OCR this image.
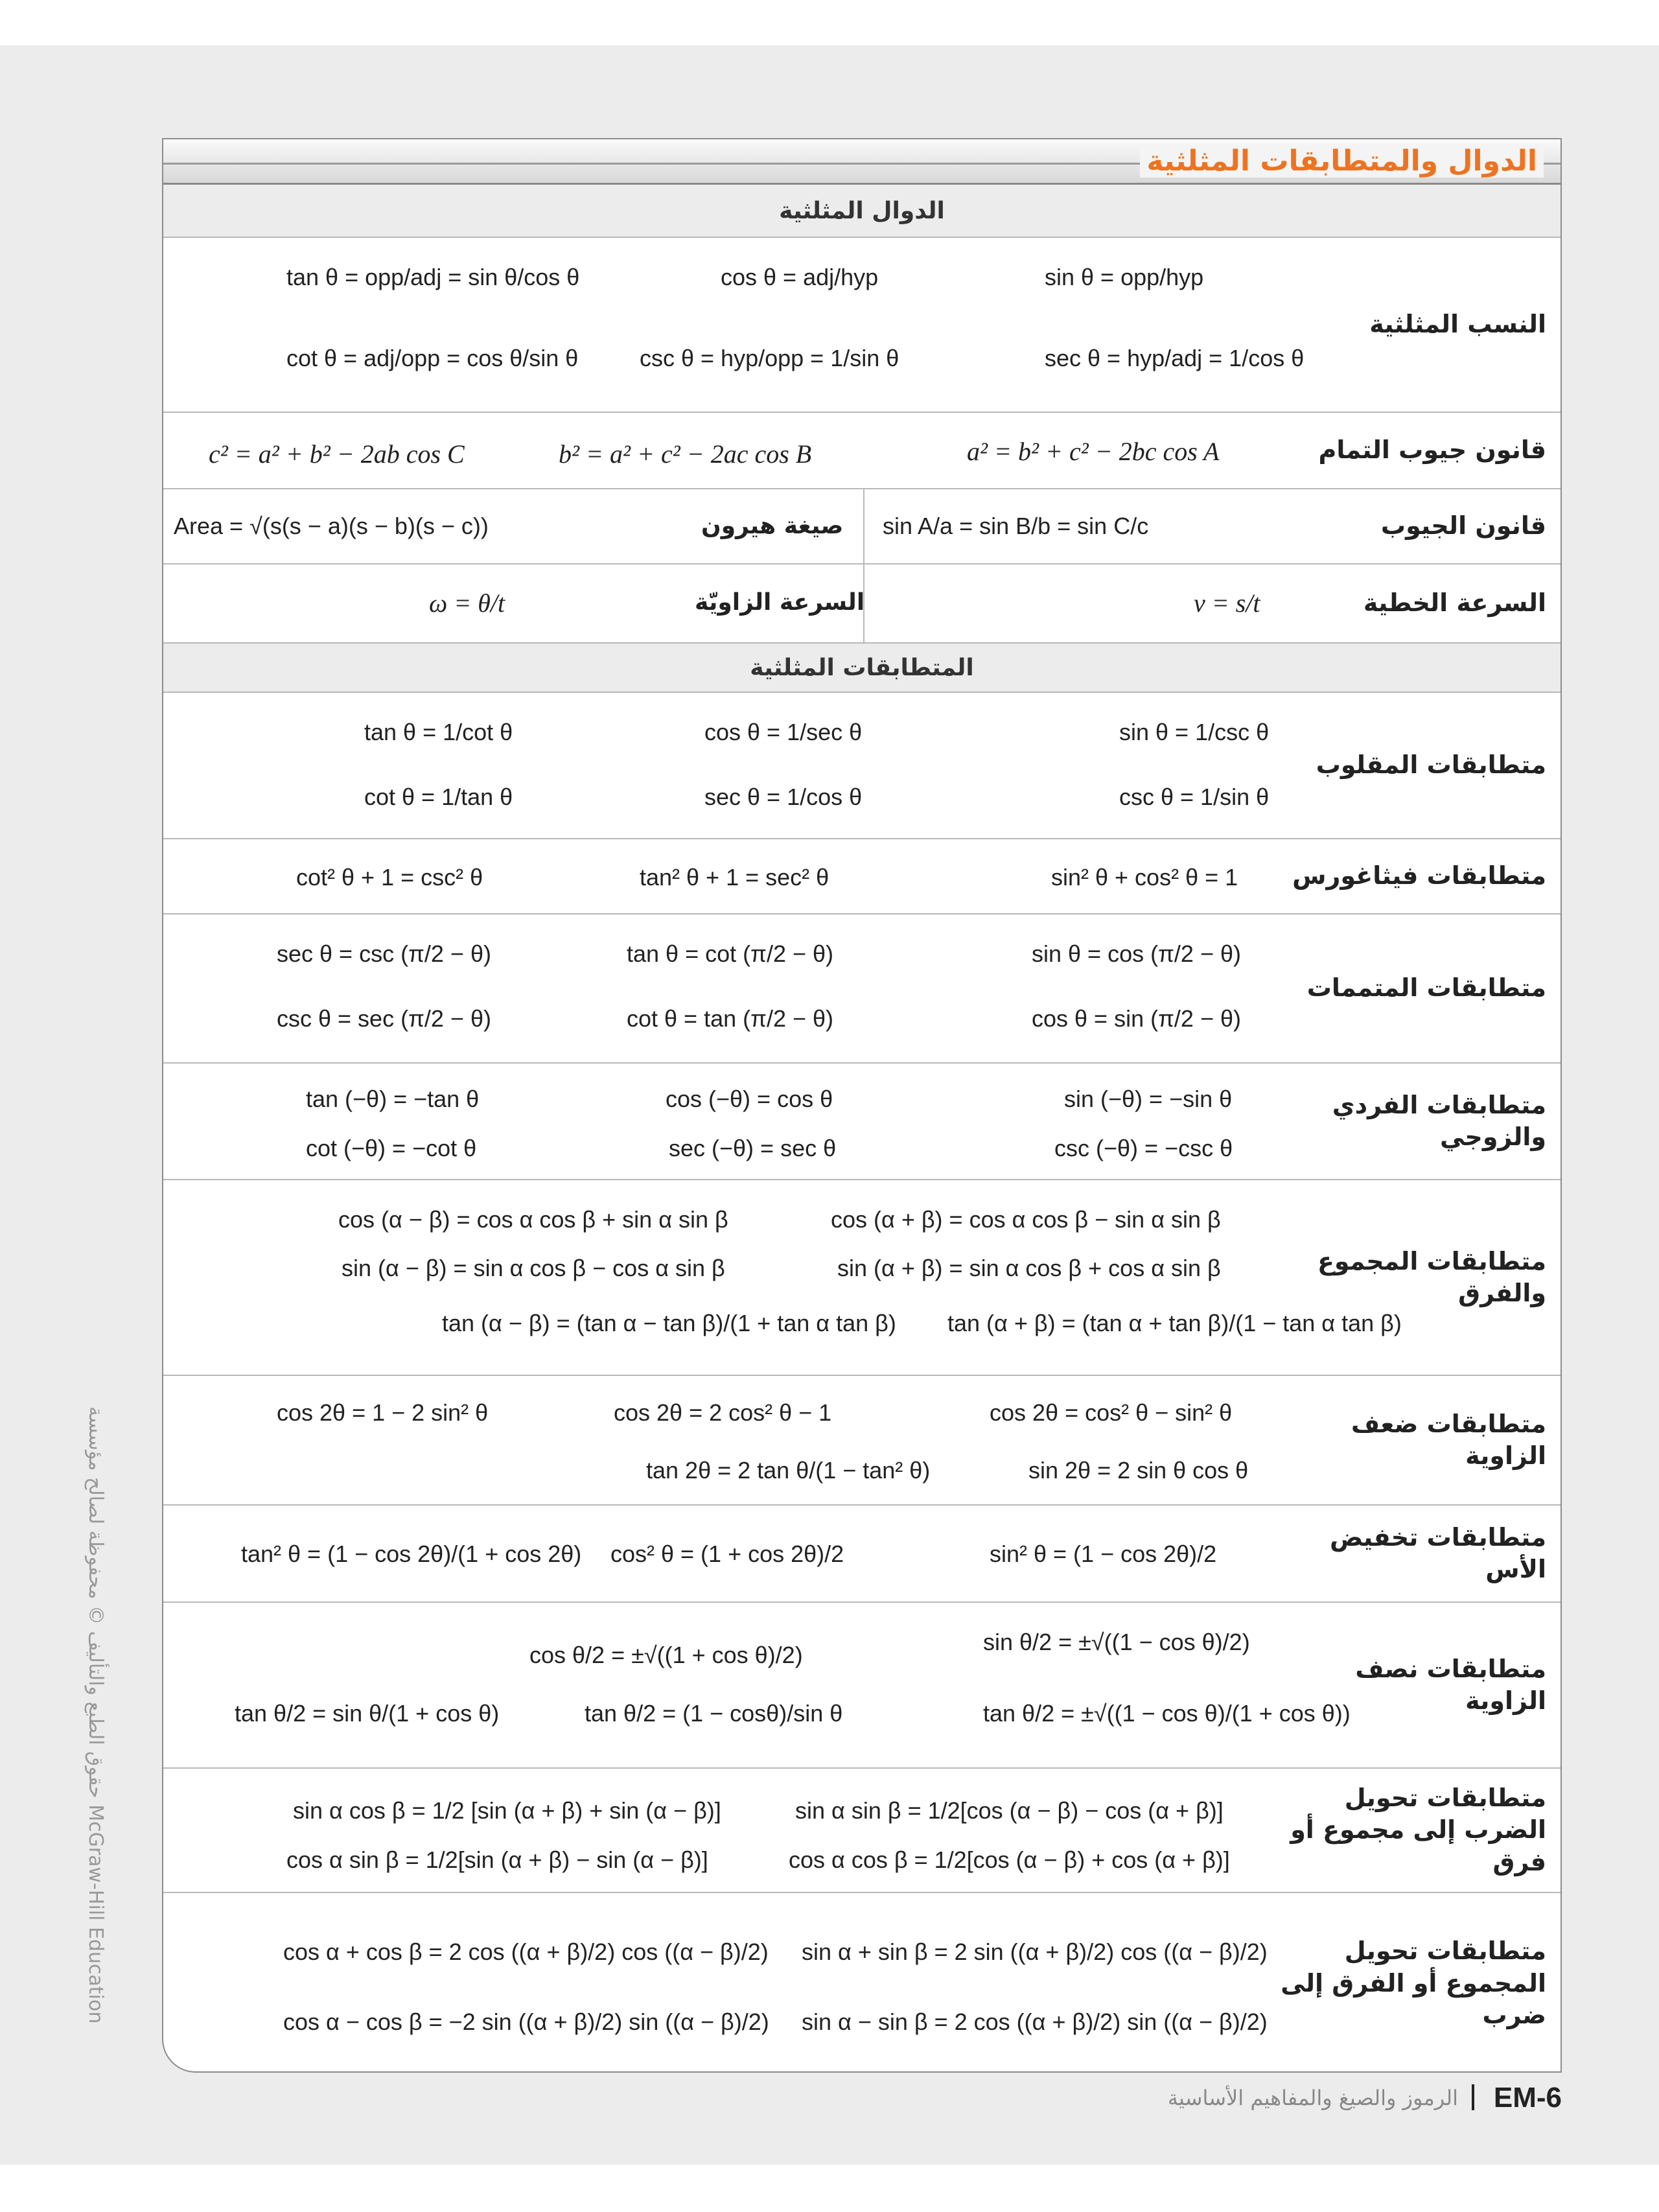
الدوال والمتطابقات المثلثية
الدوال المثلثية
النسب المثلثية
sin θ = opp/hyp
cos θ = adj/hyp
tan θ = opp/adj = sin θ/cos θ
sec θ = hyp/adj = 1/cos θ
csc θ = hyp/opp = 1/sin θ
cot θ = adj/opp = cos θ/sin θ
قانون جيوب التمام
a² = b² + c² − 2bc cos A
b² = a² + c² − 2ac cos B
c² = a² + b² − 2ab cos C
قانون الجيوب
sin A/a = sin B/b = sin C/c
صيغة هيرون
Area = √(s(s − a)(s − b)(s − c))
السرعة الخطية
v = s/t
السرعة الزاويّة
ω = θ/t
المتطابقات المثلثية
متطابقات المقلوب
sin θ = 1/csc θ
cos θ = 1/sec θ
tan θ = 1/cot θ
csc θ = 1/sin θ
sec θ = 1/cos θ
cot θ = 1/tan θ
متطابقات فيثاغورس
sin² θ + cos² θ = 1
tan² θ + 1 = sec² θ
cot² θ + 1 = csc² θ
متطابقات المتممات
sin θ = cos (π/2 − θ)
tan θ = cot (π/2 − θ)
sec θ = csc (π/2 − θ)
cos θ = sin (π/2 − θ)
cot θ = tan (π/2 − θ)
csc θ = sec (π/2 − θ)
متطابقات الفردي والزوجي
sin (−θ) = −sin θ
cos (−θ) = cos θ
tan (−θ) = −tan θ
csc (−θ) = −csc θ
sec (−θ) = sec θ
cot (−θ) = −cot θ
متطابقات المجموع والفرق
cos (α + β) = cos α cos β − sin α sin β
cos (α − β) = cos α cos β + sin α sin β
sin (α + β) = sin α cos β + cos α sin β
sin (α − β) = sin α cos β − cos α sin β
tan (α + β) = (tan α + tan β)/(1 − tan α tan β)
tan (α − β) = (tan α − tan β)/(1 + tan α tan β)
متطابقات ضعف الزاوية
cos 2θ = cos² θ − sin² θ
cos 2θ = 2 cos² θ − 1
cos 2θ = 1 − 2 sin² θ
sin 2θ = 2 sin θ cos θ
tan 2θ = 2 tan θ/(1 − tan² θ)
متطابقات تخفيض الأس
sin² θ = (1 − cos 2θ)/2
cos² θ = (1 + cos 2θ)/2
tan² θ = (1 − cos 2θ)/(1 + cos 2θ)
متطابقات نصف الزاوية
sin θ/2 = ±√((1 − cos θ)/2)
cos θ/2 = ±√((1 + cos θ)/2)
tan θ/2 = ±√((1 − cos θ)/(1 + cos θ))
tan θ/2 = (1 − cosθ)/sin θ
tan θ/2 = sin θ/(1 + cos θ)
متطابقات تحويل الضرب إلى مجموع أو فرق
sin α sin β = 1/2[cos (α − β) − cos (α + β)]
sin α cos β = 1/2 [sin (α + β) + sin (α − β)]
cos α cos β = 1/2[cos (α − β) + cos (α + β)]
cos α sin β = 1/2[sin (α + β) − sin (α − β)]
متطابقات تحويل المجموع أو الفرق إلى ضرب
sin α + sin β = 2 sin ((α + β)/2) cos ((α − β)/2)
cos α + cos β = 2 cos ((α + β)/2) cos ((α − β)/2)
sin α − sin β = 2 cos ((α + β)/2) sin ((α − β)/2)
cos α − cos β = −2 sin ((α + β)/2) sin ((α − β)/2)
حقوق الطبع والتأليف © محفوظة لصالح مؤسسة McGraw-Hill Education
EM-6
الرموز والصيغ والمفاهيم الأساسية
